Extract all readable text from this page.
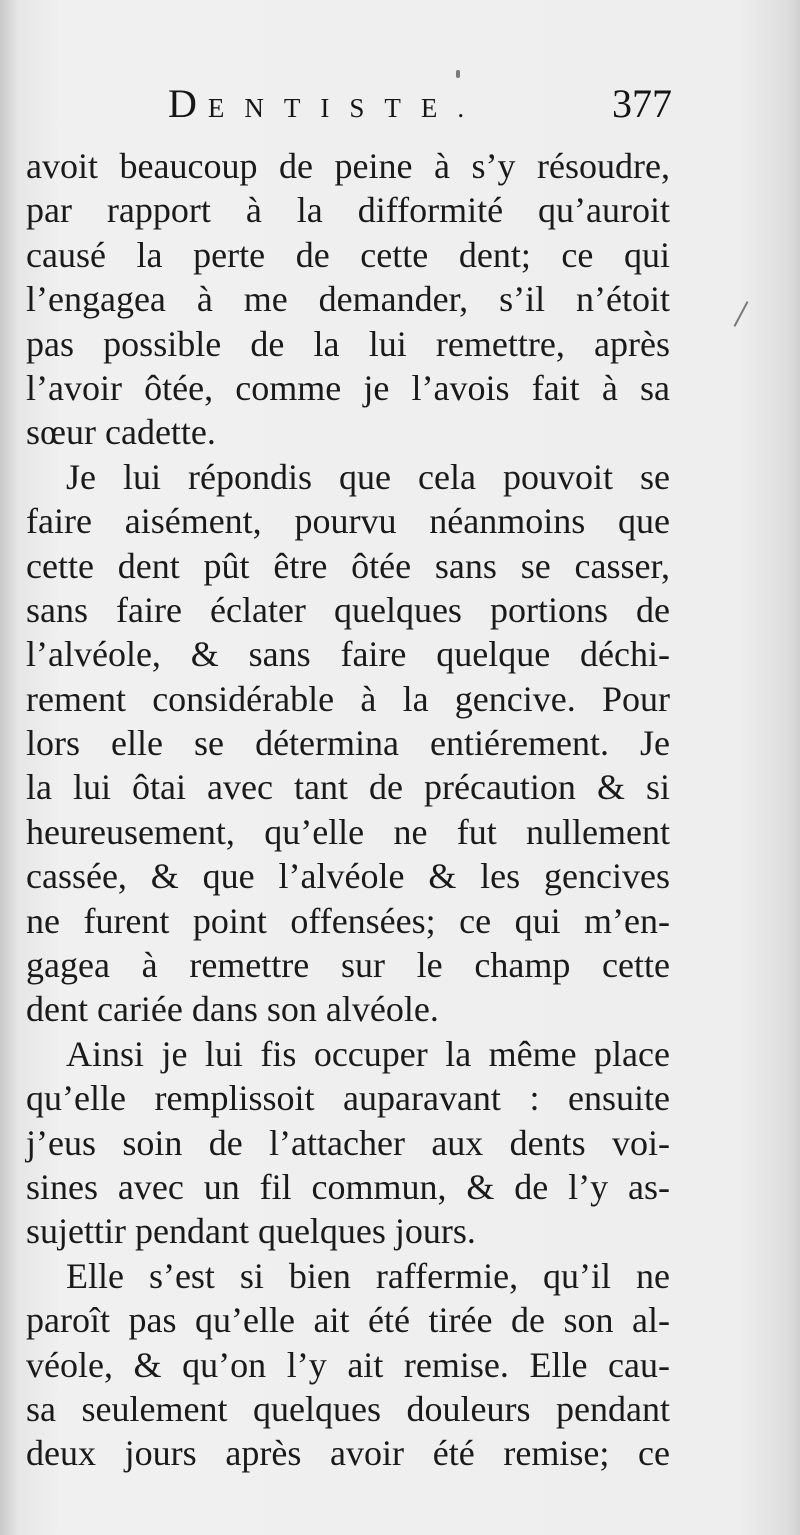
D ENTISTE.	377
avoit beaucoup de peine à s’y résoudre,
par rapport à la difformité qu’auroit
causé la perte de cette dent; ce qui
l’engagea à me demander, s’il n’étoit
pas possible de la lui remettre, après
l’avoir ôtée, comme je l’avois fait à sa
sœur cadette.
Je lui répondis que cela pouvoit se
faire aisément, pourvu néanmoins que
cette dent pût être ôtée sans se casser,
sans faire éclater quelques portions de
l’alvéole, & sans faire quelque déchi-
rement considérable à la gencive. Pour
lors elle se détermina entiérement. Je
la lui ôtai avec tant de précaution & si
heureusement, qu’elle ne fut nullement
cassée, & que l’alvéole & les gencives
ne furent point offensées; ce qui m’en-
gagea à remettre sur le champ cette
dent cariée dans son alvéole.
Ainsi je lui fis occuper la même place
qu’elle remplissoit auparavant : ensuite
j’eus soin de l’attacher aux dents voi-
sines avec un fil commun, & de l’y as-
sujettir pendant quelques jours.
Elle s’est si bien raffermie, qu’il ne
paroît pas qu’elle ait été tirée de son al-
véole, & qu’on l’y ait remise. Elle cau-
sa seulement quelques douleurs pendant
deux jours après avoir été remise; ce
